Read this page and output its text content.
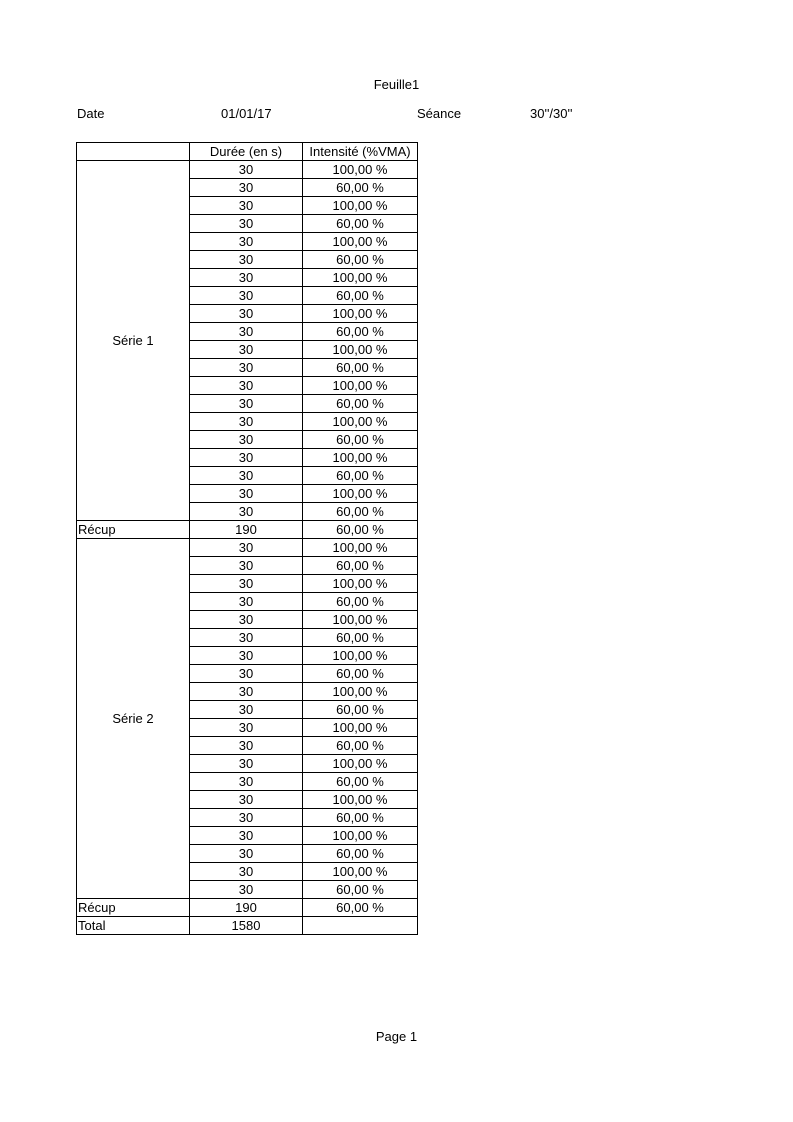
Feuille1
Date	01/01/17	Séance	30''/30''
	Durée (en s)	Intensité (%VMA)
Série 1	30	100,00 %
	30	60,00 %
	30	100,00 %
	30	60,00 %
	30	100,00 %
	30	60,00 %
	30	100,00 %
	30	60,00 %
	30	100,00 %
	30	60,00 %
	30	100,00 %
	30	60,00 %
	30	100,00 %
	30	60,00 %
	30	100,00 %
	30	60,00 %
	30	100,00 %
	30	60,00 %
	30	100,00 %
	30	60,00 %
Récup	190	60,00 %
Série 2	30	100,00 %
	30	60,00 %
	30	100,00 %
	30	60,00 %
	30	100,00 %
	30	60,00 %
	30	100,00 %
	30	60,00 %
	30	100,00 %
	30	60,00 %
	30	100,00 %
	30	60,00 %
	30	100,00 %
	30	60,00 %
	30	100,00 %
	30	60,00 %
	30	100,00 %
	30	60,00 %
	30	100,00 %
	30	60,00 %
Récup	190	60,00 %
Total	1580	
Page 1
